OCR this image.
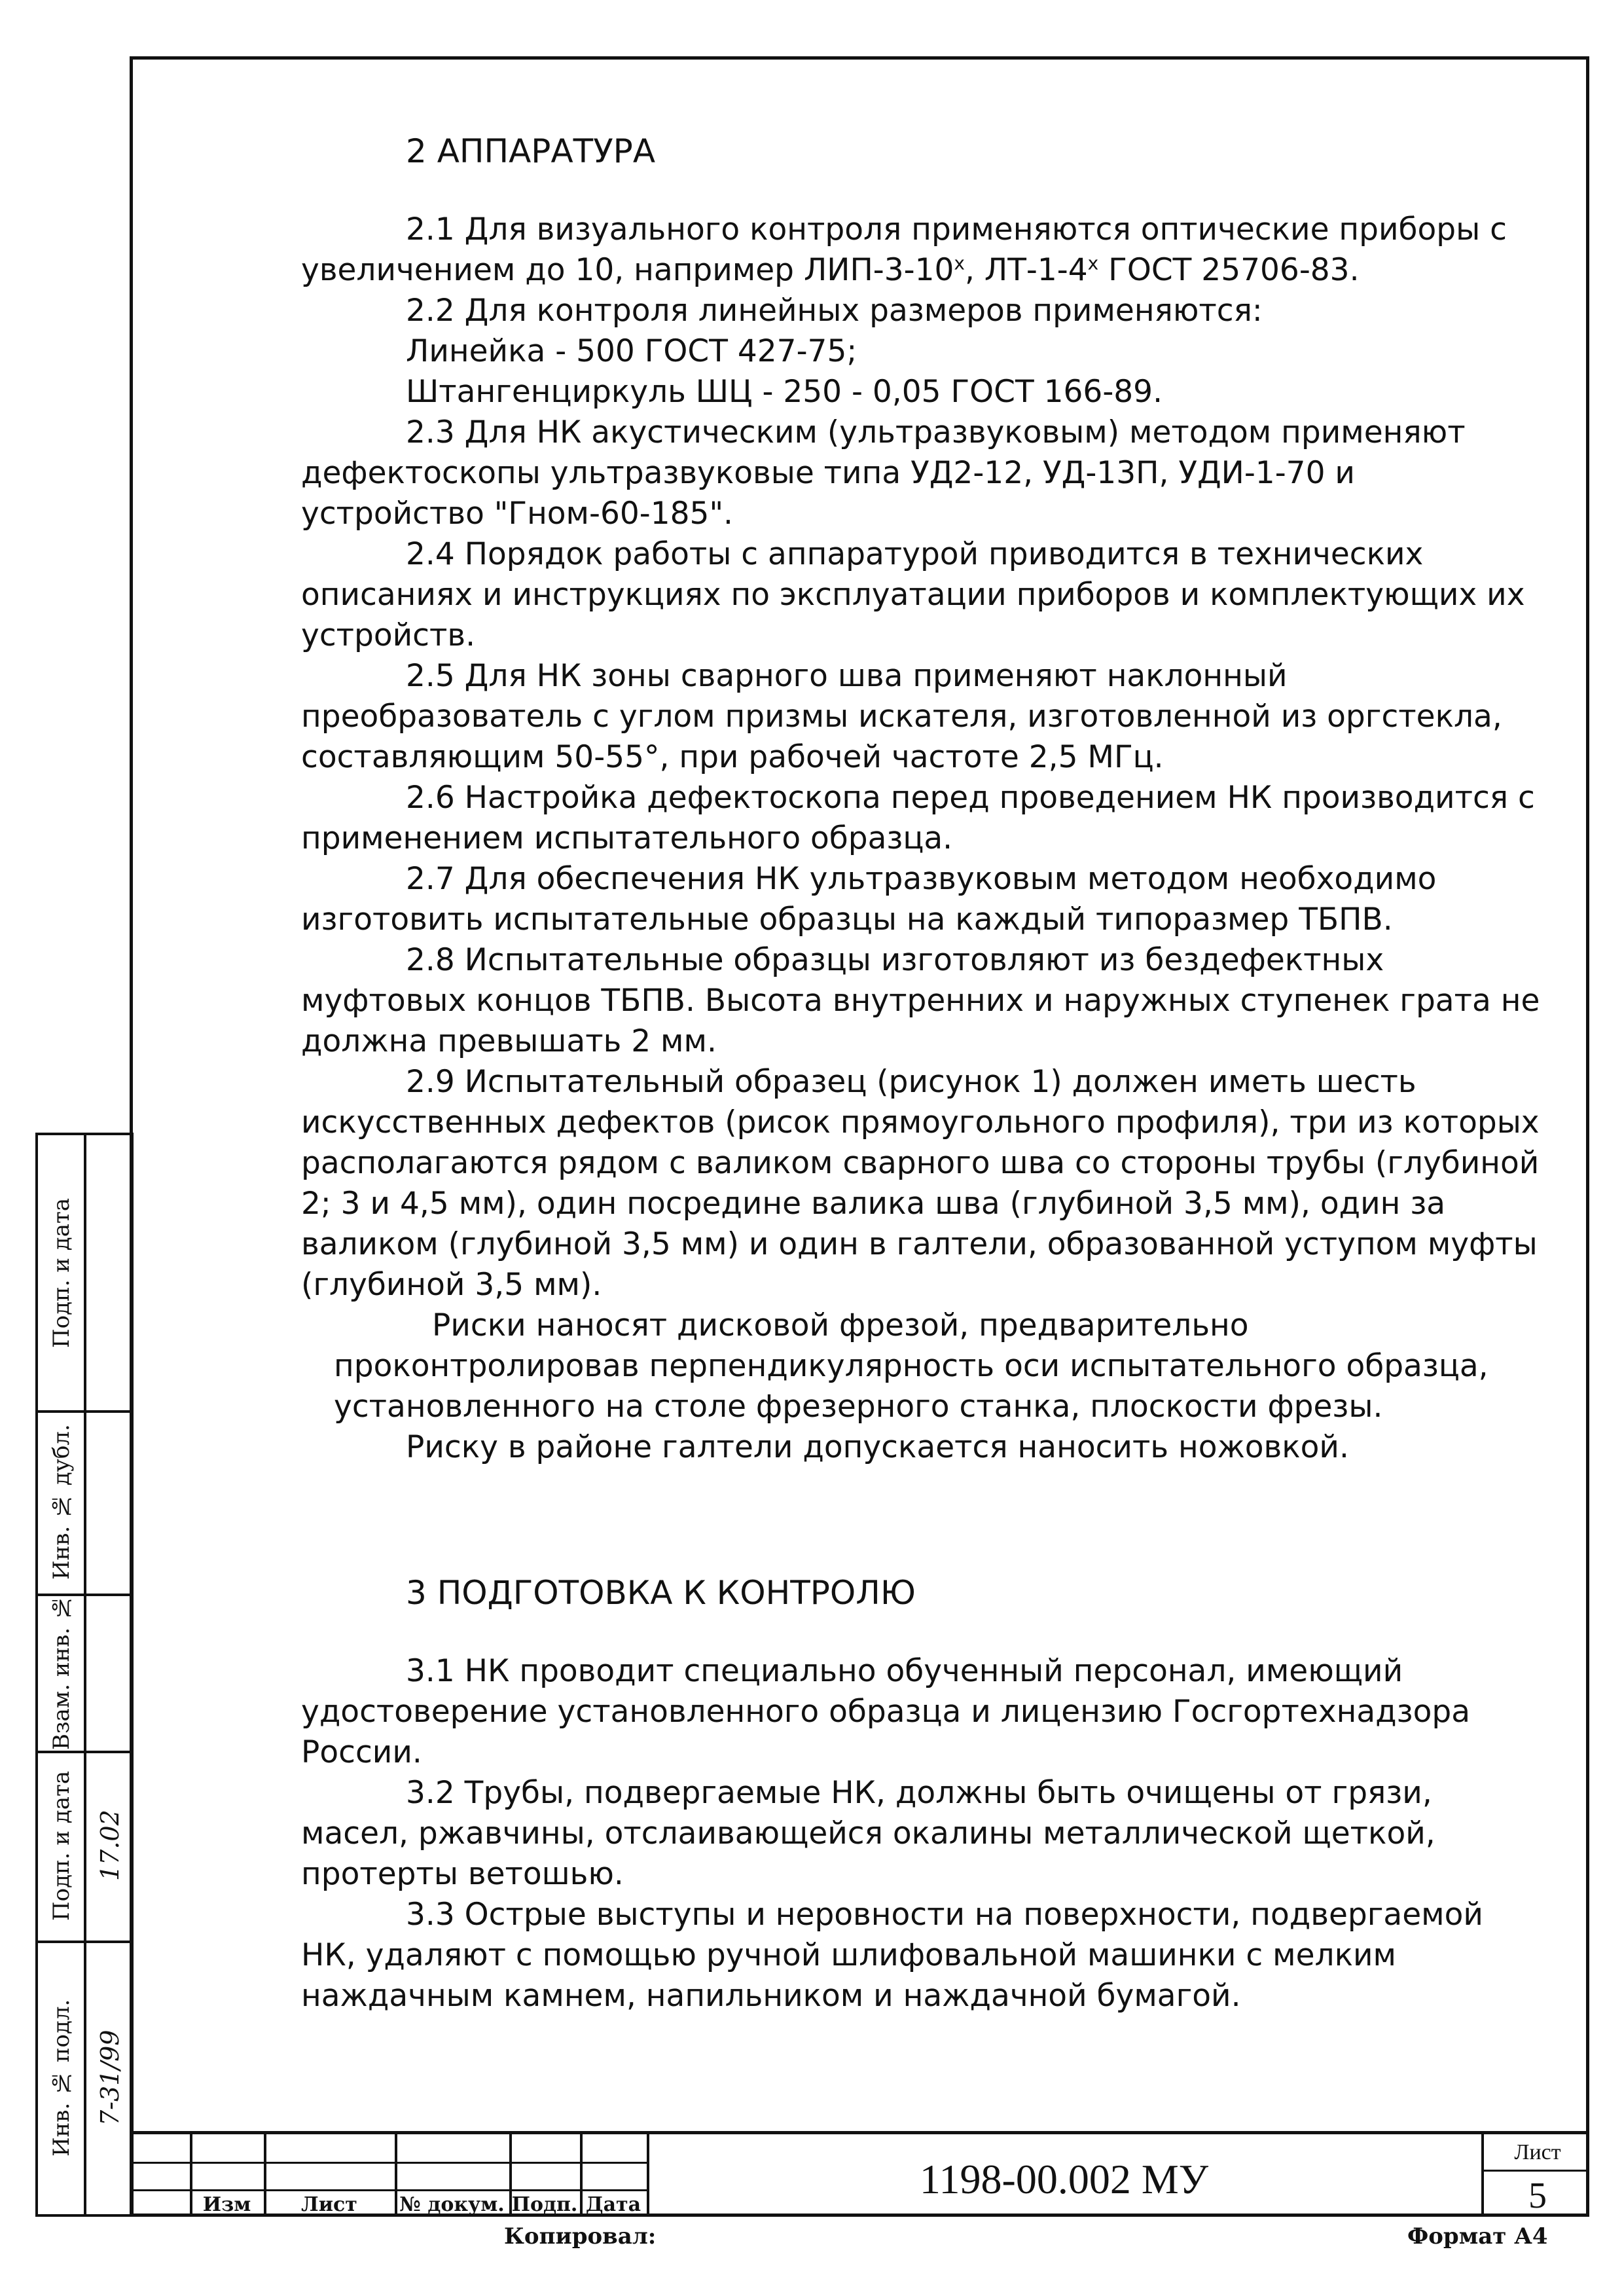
2 АППАРАТУРА

2.1 Для визуального контроля применяются оптические приборы с увеличением до 10, например ЛИП-3-10$^x$, ЛТ-1-4$^x$ ГОСТ 25706-83.

2.2 Для контроля линейных размеров применяются:

Линейка - 500 ГОСТ 427-75;

Штангенциркуль ШЦ - 250 - 0,05 ГОСТ 166-89.

2.3 Для НК акустическим (ультразвуковым) методом применяют дефектоскопы ультразвуковые типа УД2-12, УД-13П, УДИ-1-70 и устройство "Гном-60-185".

2.4 Порядок работы с аппаратурой приводится в технических описаниях и инструкциях по эксплуатации приборов и комплектующих их устройств.

2.5 Для НК зоны сварного шва применяют наклонный преобразователь с углом призмы искателя, изготовленной из оргстекла, составляющим 50-55°, при рабочей частоте 2,5 МГц.

2.6 Настройка дефектоскопа перед проведением НК производится с применением испытательного образца.

2.7 Для обеспечения НК ультразвуковым методом необходимо изготовить испытательные образцы на каждый типоразмер ТБПВ.

2.8 Испытательные образцы изготовляют из бездефектных муфтовых концов ТБПВ. Высота внутренних и наружных ступенек грата не должна превышать 2 мм.

2.9 Испытательный образец (рисунок 1) должен иметь шесть искусственных дефектов (рисок прямоугольного профиля), три из которых располагаются рядом с валиком сварного шва со стороны трубы (глубиной 2; 3 и 4,5 мм), один посредине валика шва (глубиной 3,5 мм), один за валиком (глубиной 3,5 мм) и один в галтели, образованной уступом муфты (глубиной 3,5 мм).

Риски наносят дисковой фрезой, предварительно проконтролировав перпендикулярность оси испытательного образца, установленного на столе фрезерного станка, плоскости фрезы.

Риску в районе галтели допускается наносить ножовкой.

3 ПОДГОТОВКА К КОНТРОЛЮ

3.1 НК проводит специально обученный персонал, имеющий удостоверение установленного образца и лицензию Госгортехнадзора России.

3.2 Трубы, подвергаемые НК, должны быть очищены от грязи, масел, ржавчины, отслаивающейся окалины металлической щеткой, протерты ветошью.

3.3 Острые выступы и неровности на поверхности, подвергаемой НК, удаляют с помощью ручной шлифовальной машинки с мелким наждачным камнем, напильником и наждачной бумагой.

Подп. и дата
Инв. № дубл.
Взам. инв. №
Подп. и дата
Инв. № подл.
17.02
7-31/99
Изм	Лист	№ докум. Подп. Дата
1198-00.002 МУ
Лист
5
Копировал:	Формат А4
